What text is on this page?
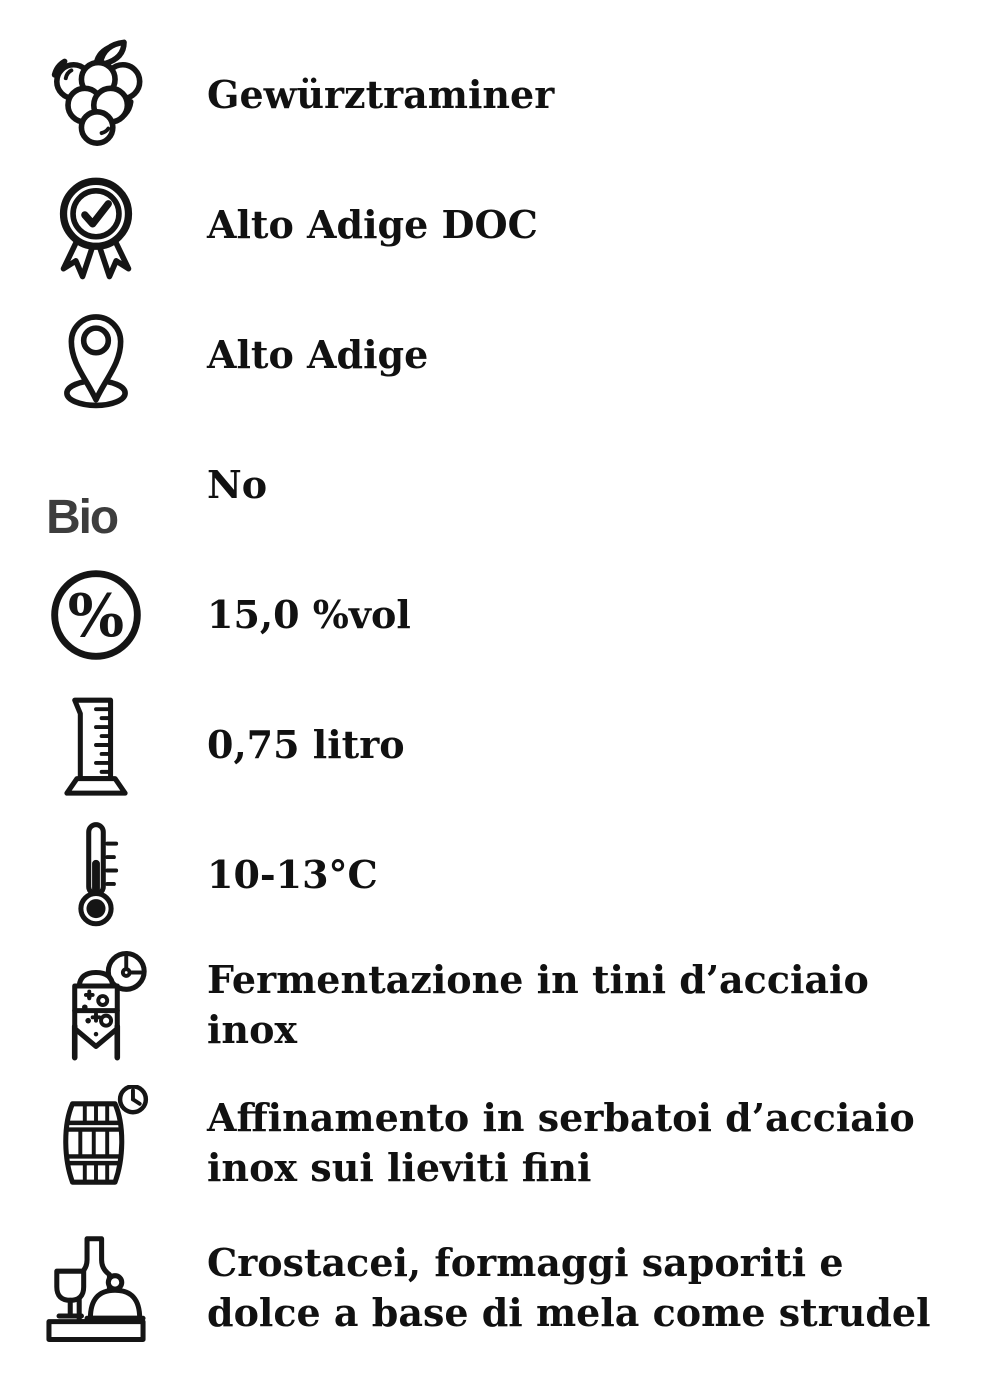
Gewürztraminer
Alto Adige DOC
Alto Adige
Bio
No
% 15,0 %vol
0,75 litro
10-13°C
Fermentazione in tini d’acciaio inox
Affinamento in serbatoi d’acciaio inox sui lieviti fini
Crostacei, formaggi saporiti e dolce a base di mela come strudel
